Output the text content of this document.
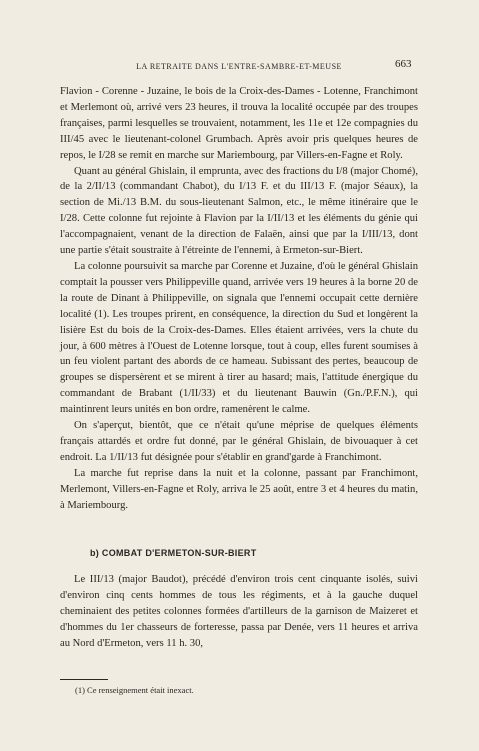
LA RETRAITE DANS L'ENTRE-SAMBRE-ET-MEUSE	663

Flavion - Corenne - Juzaine, le bois de la Croix-des-Dames - Lotenne, Franchimont et Merlemont où, arrivé vers 23 heures, il trouva la localité occupée par des troupes françaises, parmi lesquelles se trouvaient, notamment, les 11e et 12e compagnies du III/45 avec le lieutenant-colonel Grumbach. Après avoir pris quelques heures de repos, le I/28 se remit en marche sur Mariembourg, par Villers-en-Fagne et Roly.

Quant au général Ghislain, il emprunta, avec des fractions du I/8 (major Chomé), de la 2/II/13 (commandant Chabot), du I/13 F. et du III/13 F. (major Séaux), la section de Mi./13 B.M. du sous-lieutenant Salmon, etc., le même itinéraire que le I/28. Cette colonne fut rejointe à Flavion par la I/II/13 et les éléments du génie qui l'accompagnaient, venant de la direction de Falaën, ainsi que par la I/III/13, dont une partie s'était soustraite à l'étreinte de l'ennemi, à Ermeton-sur-Biert.

La colonne poursuivit sa marche par Corenne et Juzaine, d'où le général Ghislain comptait la pousser vers Philippeville quand, arrivée vers 19 heures à la borne 20 de la route de Dinant à Philippeville, on signala que l'ennemi occupait cette dernière localité (1). Les troupes prirent, en conséquence, la direction du Sud et longèrent la lisière Est du bois de la Croix-des-Dames. Elles étaient arrivées, vers la chute du jour, à 600 mètres à l'Ouest de Lotenne lorsque, tout à coup, elles furent soumises à un feu violent partant des abords de ce hameau. Subissant des pertes, beaucoup de groupes se dispersèrent et se mirent à tirer au hasard; mais, l'attitude énergique du commandant de Brabant (1/II/33) et du lieutenant Bauwin (Gn./P.F.N.), qui maintinrent leurs unités en bon ordre, ramenèrent le calme.

On s'aperçut, bientôt, que ce n'était qu'une méprise de quelques éléments français attardés et ordre fut donné, par le général Ghislain, de bivouaquer à cet endroit. La 1/II/13 fut désignée pour s'établir en grand'garde à Franchimont.

La marche fut reprise dans la nuit et la colonne, passant par Franchimont, Merlemont, Villers-en-Fagne et Roly, arriva le 25 août, entre 3 et 4 heures du matin, à Mariembourg.

b) COMBAT D'ERMETON-SUR-BIERT

Le III/13 (major Baudot), précédé d'environ trois cent cinquante isolés, suivi d'environ cinq cents hommes de tous les régiments, et à la gauche duquel cheminaient des petites colonnes formées d'artilleurs de la garnison de Maizeret et d'hommes du 1er chasseurs de forteresse, passa par Denée, vers 11 heures et arriva au Nord d'Ermeton, vers 11 h. 30,

(1) Ce renseignement était inexact.
